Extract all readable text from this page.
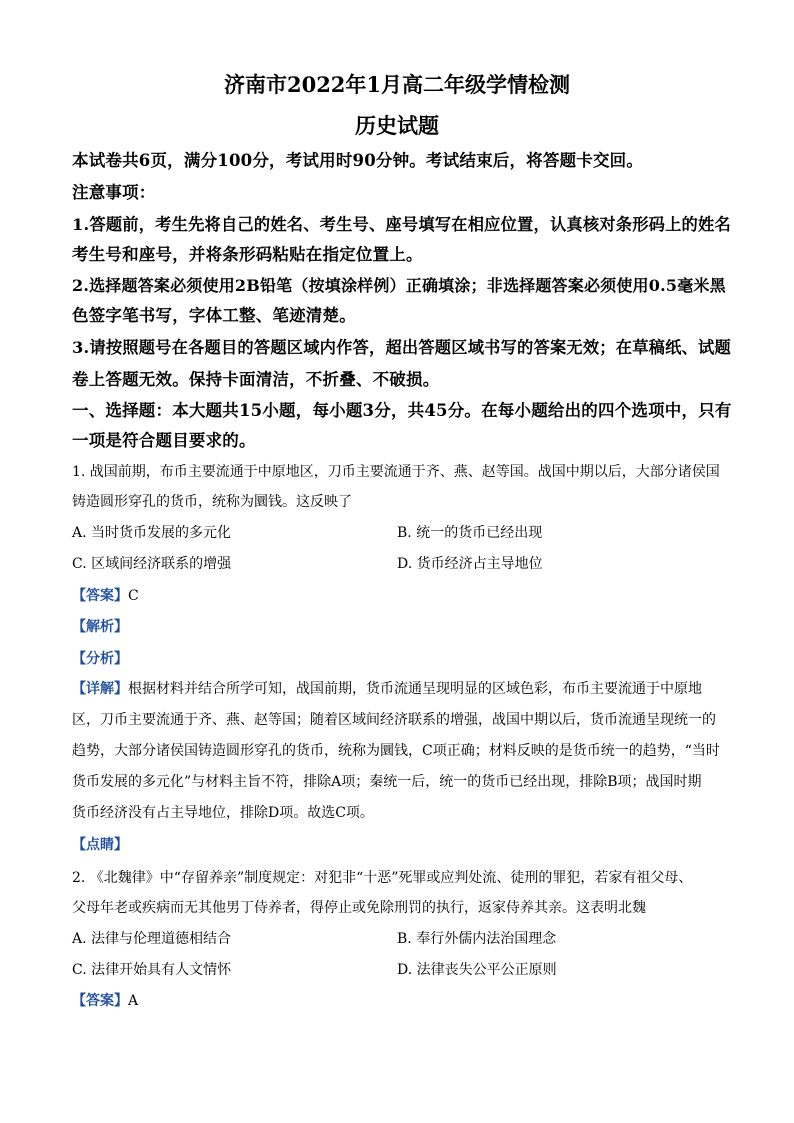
济南市2022年1月高二年级学情检测
历史试题
本试卷共6页，满分100分，考试用时90分钟。考试结束后，将答题卡交回。
注意事项：
1.答题前，考生先将自己的姓名、考生号、座号填写在相应位置，认真核对条形码上的姓名
考生号和座号，并将条形码粘贴在指定位置上。
2.选择题答案必须使用2B铅笔（按填涂样例）正确填涂；非选择题答案必须使用0.5毫米黑
色签字笔书写，字体工整、笔迹清楚。
3.请按照题号在各题目的答题区域内作答，超出答题区域书写的答案无效；在草稿纸、试题
卷上答题无效。保持卡面清洁，不折叠、不破损。
一、选择题：本大题共15小题，每小题3分，共45分。在每小题给出的四个选项中，只有
一项是符合题目要求的。
1. 战国前期，布币主要流通于中原地区，刀币主要流通于齐、燕、赵等国。战国中期以后，大部分诸侯国
铸造圆形穿孔的货币，统称为圜钱。这反映了
A. 当时货币发展的多元化	B. 统一的货币已经出现
C. 区域间经济联系的增强	D. 货币经济占主导地位
【答案】C
【解析】
【分析】
【详解】根据材料并结合所学可知，战国前期，货币流通呈现明显的区域色彩，布币主要流通于中原地
区，刀币主要流通于齐、燕、赵等国；随着区域间经济联系的增强，战国中期以后，货币流通呈现统一的
趋势，大部分诸侯国铸造圆形穿孔的货币，统称为圜钱，C项正确；材料反映的是货币统一的趋势，“当时
货币发展的多元化”与材料主旨不符，排除A项；秦统一后，统一的货币已经出现，排除B项；战国时期
货币经济没有占主导地位，排除D项。故选C项。
【点睛】
2. 《北魏律》中“存留养亲”制度规定：对犯非“十恶”死罪或应判处流、徒刑的罪犯，若家有祖父母、
父母年老或疾病而无其他男丁侍养者，得停止或免除刑罚的执行，返家侍养其亲。这表明北魏
A. 法律与伦理道德相结合	B. 奉行外儒内法治国理念
C. 法律开始具有人文情怀	D. 法律丧失公平公正原则
【答案】A
